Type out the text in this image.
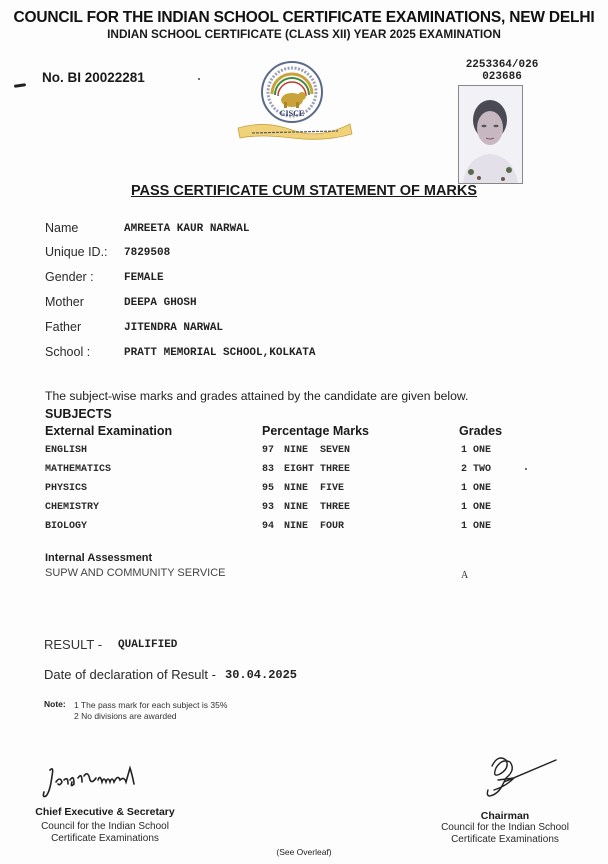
COUNCIL FOR THE INDIAN SCHOOL CERTIFICATE EXAMINATIONS, NEW DELHI
INDIAN SCHOOL CERTIFICATE (CLASS XII) YEAR 2025 EXAMINATION
No. BI 20022281
CISCE
2253364/026
023686
PASS CERTIFICATE CUM STATEMENT OF MARKS
Name	AMREETA KAUR NARWAL
Unique ID.: 7829508
Gender :	FEMALE
Mother	DEEPA GHOSH
Father	JITENDRA NARWAL
School :	PRATT MEMORIAL SCHOOL,KOLKATA
The subject-wise marks and grades attained by the candidate are given below.
SUBJECTS
External Examination	Percentage Marks	Grades
ENGLISH	97 NINE  SEVEN	1 ONE
MATHEMATICS	83 EIGHT THREE	2 TWO
PHYSICS	95 NINE  FIVE	1 ONE
CHEMISTRY	93 NINE  THREE	1 ONE
BIOLOGY	94 NINE  FOUR	1 ONE
Internal Assessment
SUPW AND COMMUNITY SERVICE	A
RESULT - QUALIFIED
Date of declaration of Result - 30.04.2025
Note: 1 The pass mark for each subject is 35%
2 No divisions are awarded
Chief Executive & Secretary
Council for the Indian School
Certificate Examinations
Chairman
Council for the Indian School
Certificate Examinations
(See Overleaf)
